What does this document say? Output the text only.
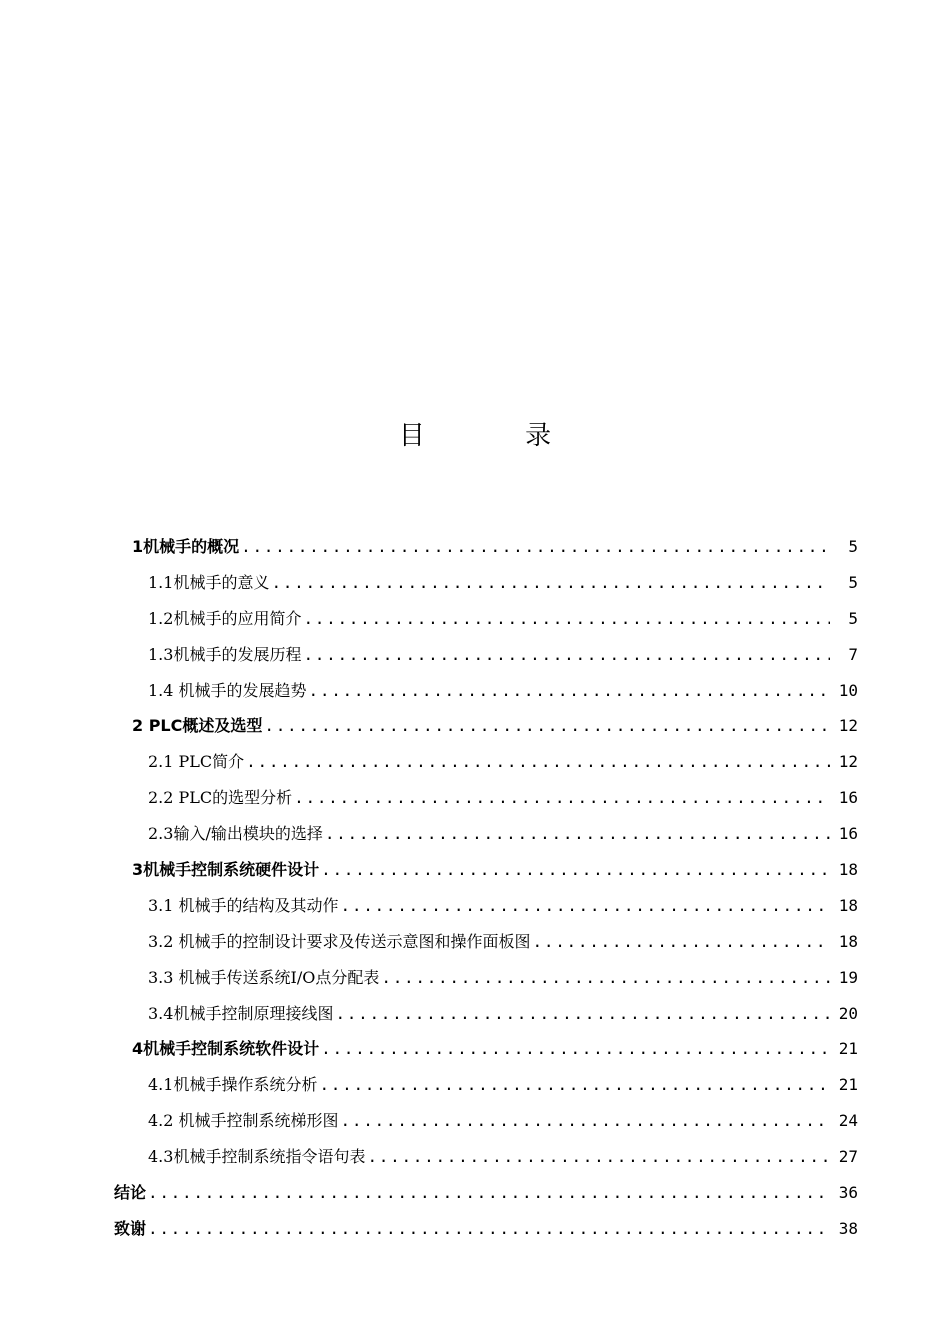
目 录
1机械手的概况 .....	5
1.1机械手的意义 .....	5
1.2机械手的应用简介 .....	5
1.3机械手的发展历程 .....	7
1.4 机械手的发展趋势 .....	10
2 PLC概述及选型 .....	12
2.1 PLC简介 .....	12
2.2 PLC的选型分析 .....	16
2.3输入/输出模块的选择 .....	16
3机械手控制系统硬件设计 .....	18
3.1 机械手的结构及其动作 .....	18
3.2 机械手的控制设计要求及传送示意图和操作面板图 .....	18
3.3 机械手传送系统I/O点分配表 .....	19
3.4机械手控制原理接线图 .....	20
4机械手控制系统软件设计 .....	21
4.1机械手操作系统分析 .....	21
4.2 机械手控制系统梯形图 .....	24
4.3机械手控制系统指令语句表 .....	27
结论 .....	36
致谢 .....	38
